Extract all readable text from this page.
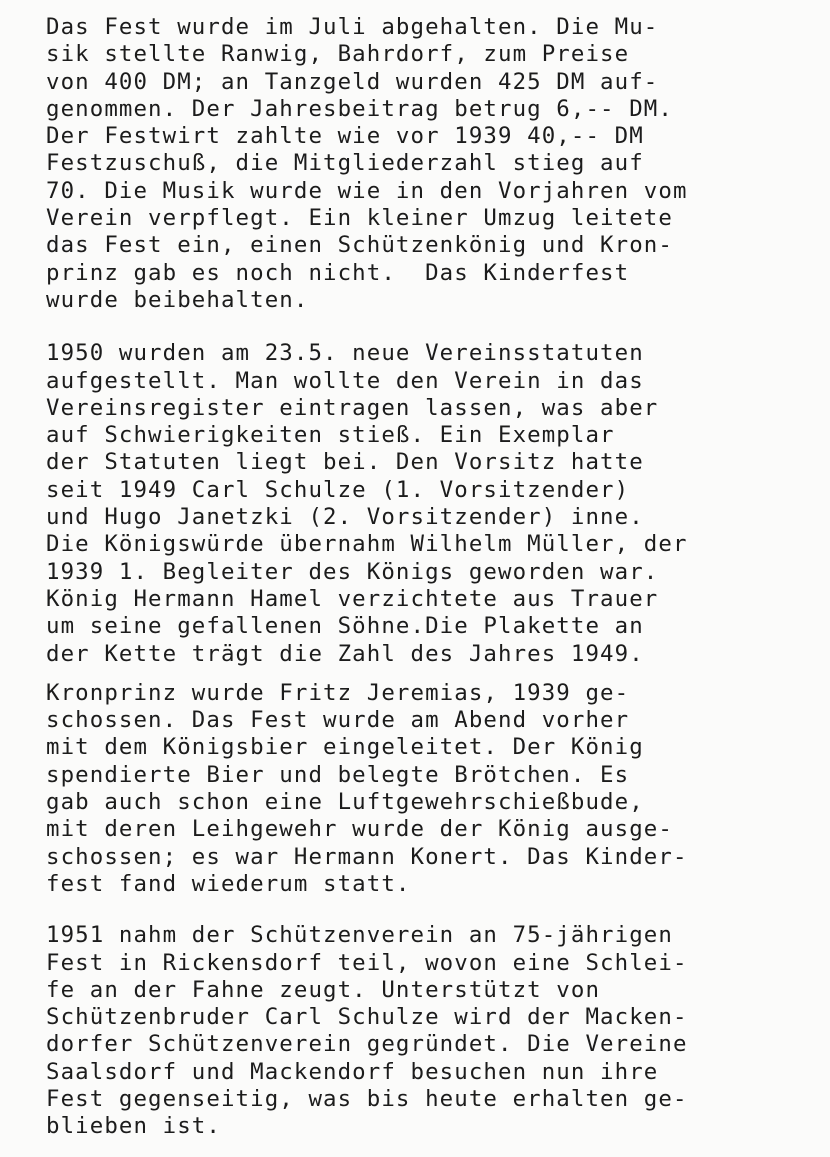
Das Fest wurde im Juli abgehalten. Die Mu-
sik stellte Ranwig, Bahrdorf, zum Preise
von 400 DM; an Tanzgeld wurden 425 DM auf-
genommen. Der Jahresbeitrag betrug 6,-- DM.
Der Festwirt zahlte wie vor 1939 40,-- DM
Festzuschuß, die Mitgliederzahl stieg auf
70. Die Musik wurde wie in den Vorjahren vom
Verein verpflegt. Ein kleiner Umzug leitete
das Fest ein, einen Schützenkönig und Kron-
prinz gab es noch nicht.  Das Kinderfest
wurde beibehalten.
1950 wurden am 23.5. neue Vereinsstatuten
aufgestellt. Man wollte den Verein in das
Vereinsregister eintragen lassen, was aber
auf Schwierigkeiten stieß. Ein Exemplar
der Statuten liegt bei. Den Vorsitz hatte
seit 1949 Carl Schulze (1. Vorsitzender)
und Hugo Janetzki (2. Vorsitzender) inne.
Die Königswürde übernahm Wilhelm Müller, der
1939 1. Begleiter des Königs geworden war.
König Hermann Hamel verzichtete aus Trauer
um seine gefallenen Söhne.Die Plakette an
der Kette trägt die Zahl des Jahres 1949.
Kronprinz wurde Fritz Jeremias, 1939 ge-
schossen. Das Fest wurde am Abend vorher
mit dem Königsbier eingeleitet. Der König
spendierte Bier und belegte Brötchen. Es
gab auch schon eine Luftgewehrschießbude,
mit deren Leihgewehr wurde der König ausge-
schossen; es war Hermann Konert. Das Kinder-
fest fand wiederum statt.
1951 nahm der Schützenverein an 75-jährigen
Fest in Rickensdorf teil, wovon eine Schlei-
fe an der Fahne zeugt. Unterstützt von
Schützenbruder Carl Schulze wird der Macken-
dorfer Schützenverein gegründet. Die Vereine
Saalsdorf und Mackendorf besuchen nun ihre
Fest gegenseitig, was bis heute erhalten ge-
blieben ist.
